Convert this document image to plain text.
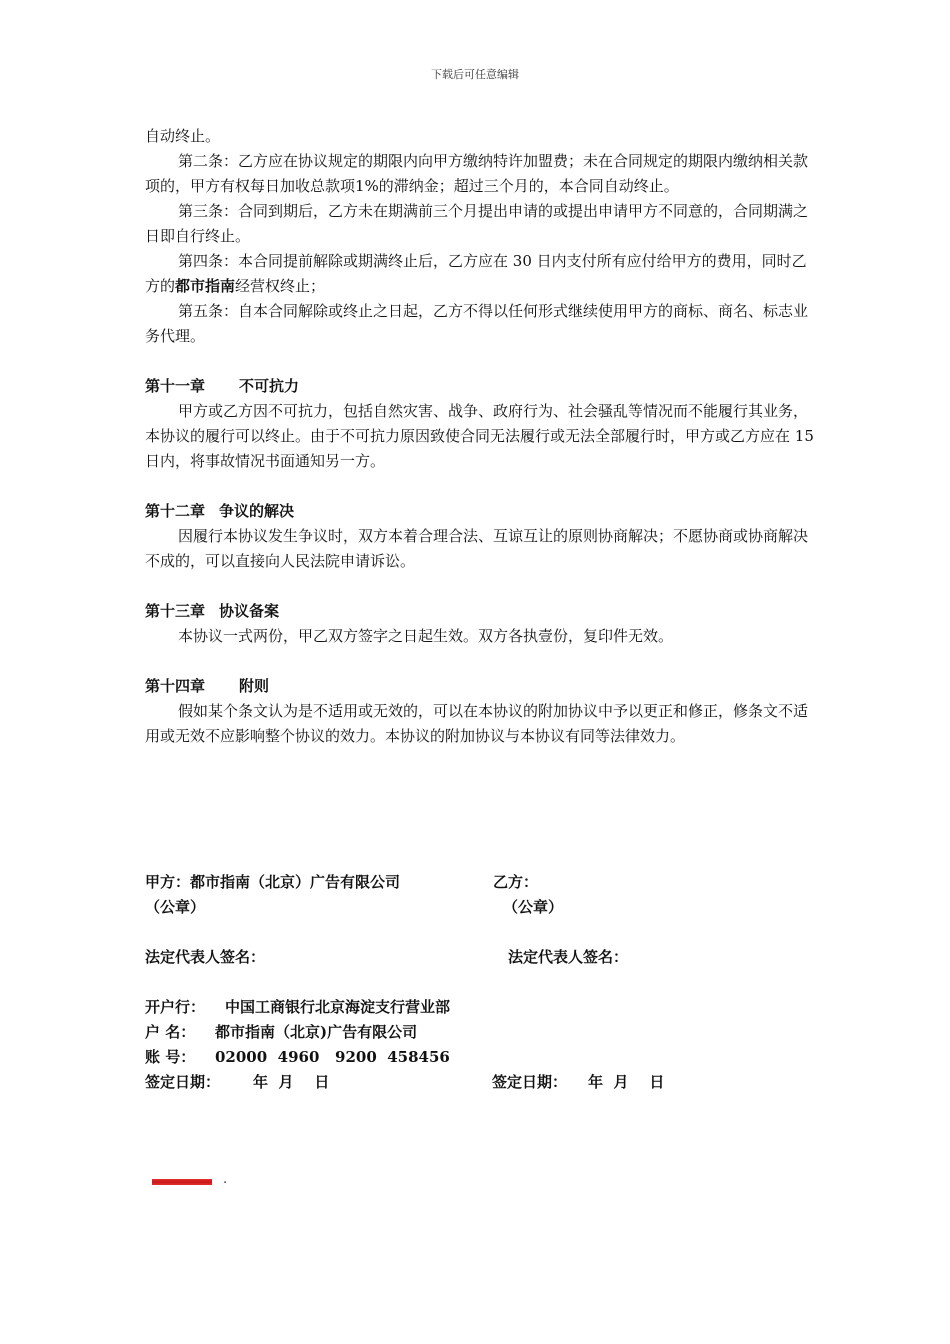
下载后可任意编辑

自动终止。

第二条：乙方应在协议规定的期限内向甲方缴纳特许加盟费；未在合同规定的期限内缴纳相关款项的，甲方有权每日加收总款项1%的滞纳金；超过三个月的，本合同自动终止。

第三条：合同到期后，乙方未在期满前三个月提出申请的或提出申请甲方不同意的，合同期满之日即自行终止。

第四条：本合同提前解除或期满终止后，乙方应在 30 日内支付所有应付给甲方的费用，同时乙方的都市指南经营权终止；

第五条：自本合同解除或终止之日起，乙方不得以任何形式继续使用甲方的商标、商名、标志业务代理。

第十一章 不可抗力

甲方或乙方因不可抗力，包括自然灾害、战争、政府行为、社会骚乱等情况而不能履行其业务，本协议的履行可以终止。由于不可抗力原因致使合同无法履行或无法全部履行时，甲方或乙方应在 15 日内，将事故情况书面通知另一方。

第十二章 争议的解决

因履行本协议发生争议时，双方本着合理合法、互谅互让的原则协商解决；不愿协商或协商解决不成的，可以直接向人民法院申请诉讼。

第十三章 协议备案

本协议一式两份，甲乙双方签字之日起生效。双方各执壹份，复印件无效。

第十四章 附则

假如某个条文认为是不适用或无效的，可以在本协议的附加协议中予以更正和修正，修条文不适用或无效不应影响整个协议的效力。本协议的附加协议与本协议有同等法律效力。

甲方：都市指南（北京）广告有限公司	乙方：
（公章）	（公章）
法定代表人签名：	法定代表人签名：
开户行： 中国工商银行北京海淀支行营业部
户 名： 都市指南（北京)广告有限公司
账 号： 02000  4960   9200  458456
签定日期： 年  月    日	签定日期： 年  月    日
.
